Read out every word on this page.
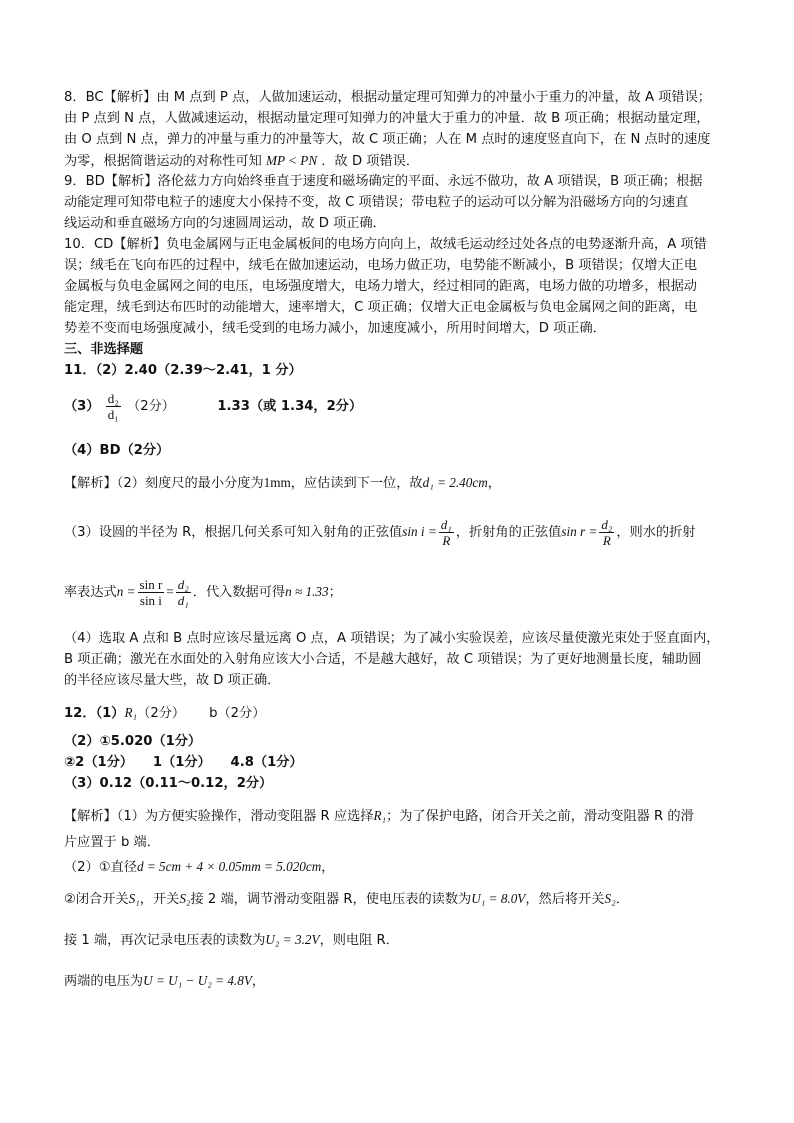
8．BC【解析】由 M 点到 P 点，人做加速运动，根据动量定理可知弹力的冲量小于重力的冲量，故 A 项错误；

由 P 点到 N 点，人做减速运动，根据动量定理可知弹力的冲量大于重力的冲量．故 B 项正确；根据动量定理，

由 O 点到 N 点，弹力的冲量与重力的冲量等大，故 C 项正确；人在 M 点时的速度竖直向下，在 N 点时的速度

为零，根据简谐运动的对称性可知 MP < PN ．故 D 项错误．

9．BD【解析】洛伦兹力方向始终垂直于速度和磁场确定的平面、永远不做功，故 A 项错误，B 项正确；根据

动能定理可知带电粒子的速度大小保持不变，故 C 项错误；带电粒子的运动可以分解为沿磁场方向的匀速直

线运动和垂直磁场方向的匀速圆周运动，故 D 项正确．

10．CD【解析】负电金属网与正电金属板间的电场方向向上，故绒毛运动经过处各点的电势逐渐升高，A 项错

误；绒毛在飞向布匹的过程中，绒毛在做加速运动，电场力做正功，电势能不断减小，B 项错误；仅增大正电

金属板与负电金属网之间的电压，电场强度增大，电场力增大，经过相同的距离，电场力做的功增多，根据动

能定理，绒毛到达布匹时的动能增大，速率增大，C 项正确；仅增大正电金属板与负电金属网之间的距离，电

势差不变而电场强度减小，绒毛受到的电场力减小，加速度减小，所用时间增大，D 项正确．

三、非选择题

11．（2）2.40（2.39～2.41，1 分）

$(3) \frac{\text{d₂}}{\text{d₁}} (2$分）	1.33（或 1.34，2分）

（4）BD（2分）

【解析】（2）刻度尺的最小分度为1mm，应估读到下一位，故d₁ = 2.40cm，

（3）设圆的半径为 R，根据几何关系可知入射角的正弦值$\sin i = \frac{\text{d₁}}{R}$ ，折射角的正弦值$\sin r = \frac{\text{d₂}}{R}$ ，则水的折射

率表达式$n = \frac{\text{sin r}}{\text{sin i}} = \frac{\text{d₂}}{\text{d₁}}$ ．代入数据可得n ≈ 1.33；

（4）选取 A 点和 B 点时应该尽量远离 O 点，A 项错误；为了减小实验误差，应该尽量使激光束处于竖直面内，

B 项正确；激光在水面处的入射角应该大小合适，不是越大越好，故 C 项错误；为了更好地测量长度，辅助圆

的半径应该尽量大些，故 D 项正确．

12．（1）R₁（2分） b（2分）

（2）①5.020（1分）

②2（1分）　　1（1分）　　4.8（1分）

（3）0.12（0.11～0.12，2分）

【解析】（1）为方便实验操作，滑动变阻器 R 应选择R₁；为了保护电路，闭合开关之前，滑动变阻器 R 的滑

片应置于 b 端．

（2）①直径d = 5cm + 4 × 0.05mm = 5.020cm，

②闭合开关S₁，开关S₂接 2 端，调节滑动变阻器 R，使电压表的读数为U₁ = 8.0V，然后将开关S₂．

接 1 端，再次记录电压表的读数为U₂ = 3.2V，则电阻 R．

两端的电压为U = U₁ − U₂ = 4.8V，
